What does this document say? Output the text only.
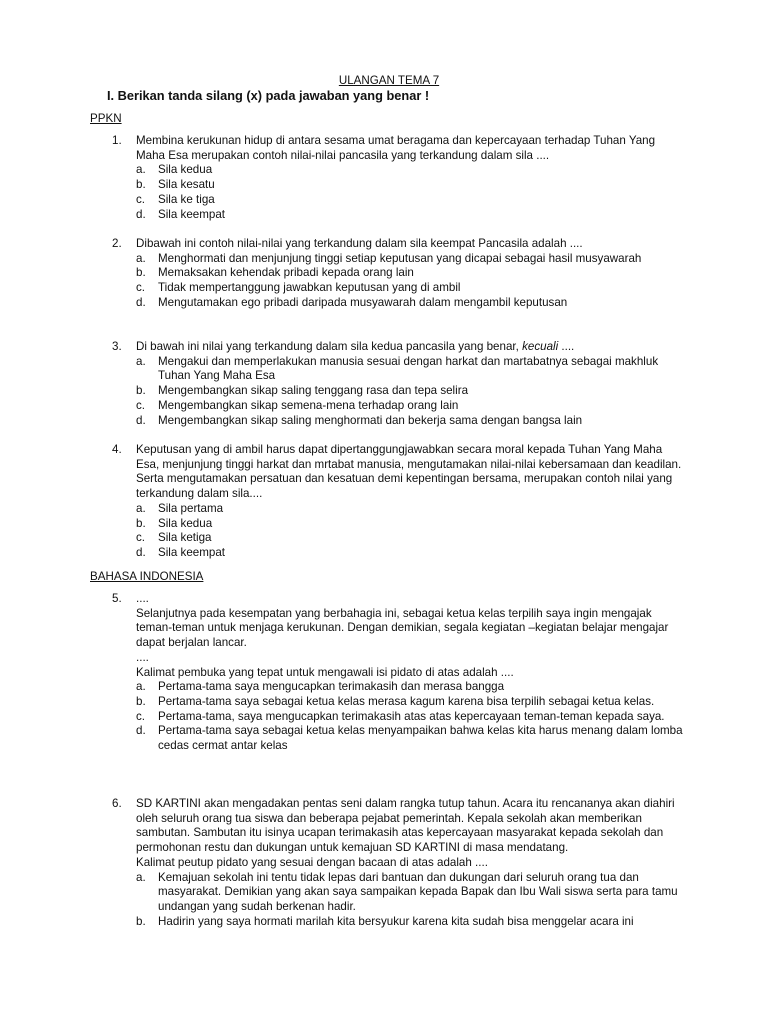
ULANGAN TEMA 7
I. Berikan tanda silang (x) pada jawaban yang benar !
PPKN
1.	Membina kerukunan hidup di antara sesama umat beragama dan kepercayaan terhadap Tuhan Yang Maha Esa merupakan contoh nilai-nilai pancasila yang terkandung dalam sila ....

a. Sila kedua
b. Sila kesatu
c. Sila ke tiga
d. Sila keempat
2.	Dibawah ini contoh nilai-nilai yang terkandung dalam sila keempat Pancasila adalah ....

a. Menghormati dan menjunjung tinggi setiap keputusan yang dicapai sebagai hasil musyawarah
b. Memaksakan kehendak pribadi kepada orang lain
c. Tidak mempertanggung jawabkan keputusan yang di ambil
d. Mengutamakan ego pribadi daripada musyawarah dalam mengambil keputusan
3.	Di bawah ini nilai yang terkandung dalam sila kedua pancasila yang benar, kecuali ....

a. Mengakui dan memperlakukan manusia sesuai dengan harkat dan martabatnya sebagai makhluk Tuhan Yang Maha Esa
b. Mengembangkan sikap saling tenggang rasa dan tepa selira
c. Mengembangkan sikap semena-mena terhadap orang lain
d. Mengembangkan sikap saling menghormati dan bekerja sama dengan bangsa lain
4.	Keputusan yang di ambil harus dapat dipertanggungjawabkan secara moral kepada Tuhan Yang Maha Esa, menjunjung tinggi harkat dan mrtabat manusia, mengutamakan nilai-nilai kebersamaan dan keadilan. Serta mengutamakan persatuan dan kesatuan demi kepentingan bersama, merupakan contoh nilai yang terkandung dalam sila....

a. Sila pertama
b. Sila kedua
c. Sila ketiga
d. Sila keempat
BAHASA INDONESIA
5.	....

Selanjutnya pada kesempatan yang berbahagia ini, sebagai ketua kelas terpilih saya ingin mengajak teman-teman untuk menjaga kerukunan. Dengan demikian, segala kegiatan –kegiatan belajar mengajar dapat berjalan lancar.

....

Kalimat pembuka yang tepat untuk mengawali isi pidato di atas adalah ....

a. Pertama-tama saya mengucapkan terimakasih dan merasa bangga
b. Pertama-tama saya sebagai ketua kelas merasa kagum karena bisa terpilih sebagai ketua kelas.
c. Pertama-tama, saya mengucapkan terimakasih atas atas kepercayaan teman-teman kepada saya.
d. Pertama-tama saya sebagai ketua kelas menyampaikan bahwa kelas kita harus menang dalam lomba cedas cermat antar kelas
6.	SD KARTINI akan mengadakan pentas seni dalam rangka tutup tahun. Acara itu rencananya akan diahiri oleh seluruh orang tua siswa dan beberapa pejabat pemerintah. Kepala sekolah akan memberikan sambutan. Sambutan itu isinya ucapan terimakasih atas kepercayaan masyarakat kepada sekolah dan permohonan restu dan dukungan untuk kemajuan SD KARTINI di masa mendatang.

Kalimat peutup pidato yang sesuai dengan bacaan di atas adalah ....

a. Kemajuan sekolah ini tentu tidak lepas dari bantuan dan dukungan dari seluruh orang tua dan masyarakat. Demikian yang akan saya sampaikan kepada Bapak dan Ibu Wali siswa serta para tamu undangan yang sudah berkenan hadir.
b. Hadirin yang saya hormati marilah kita bersyukur karena kita sudah bisa menggelar acara ini
